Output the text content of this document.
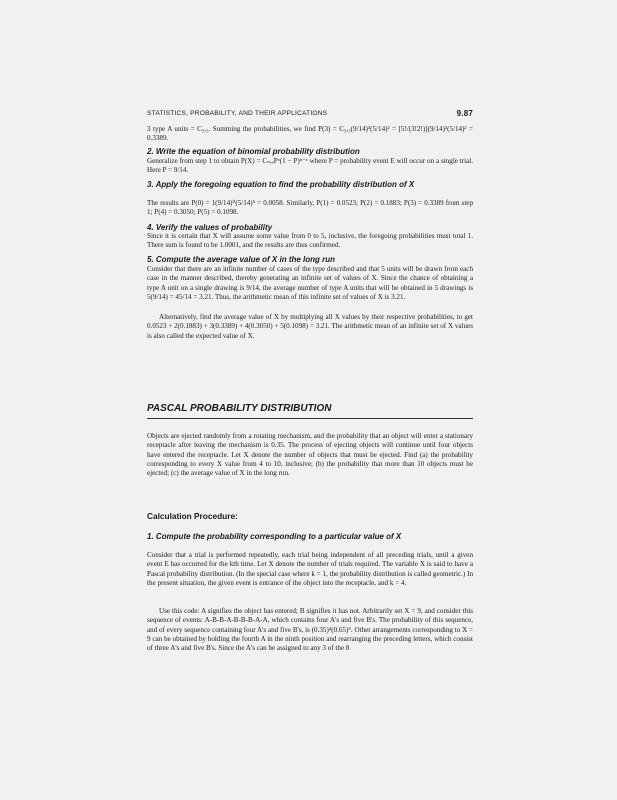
STATISTICS, PROBABILITY, AND THEIR APPLICATIONS	9.87

3 type A units = C₅,₃. Summing the probabilities, we find P(3) = C₅,₃(9/14)³(5/14)² = [5!/(3!2!)](9/14)³(5/14)² = 0.3389.

2. Write the equation of binomial probability distribution

Generalize from step 1 to obtain P(X) = Cₙ,ₓPˣ(1 − P)ⁿ⁻ˣ where P = probability event E will occur on a single trial. Here P = 9/14.

3. Apply the foregoing equation to find the probability distribution of X

The results are P(0) = 1(9/14)⁰(5/14)⁵ = 0.0058. Similarly, P(1) = 0.0523; P(2) = 0.1883; P(3) = 0.3389 from step 1; P(4) = 0.3050; P(5) = 0.1098.

4. Verify the values of probability

Since it is certain that X will assume some value from 0 to 5, inclusive, the foregoing probabilities must total 1. There sum is found to be 1.0001, and the results are thus confirmed.

5. Compute the average value of X in the long run

Consider that there are an infinite number of cases of the type described and that 5 units will be drawn from each case in the manner described, thereby generating an infinite set of values of X. Since the chance of obtaining a type A unit on a single drawing is 9/14, the average number of type A units that will be obtained in 5 drawings is 5(9/14) = 45/14 = 3.21. Thus, the arithmetic mean of this infinite set of values of X is 3.21.

Alternatively, find the average value of X by multiplying all X values by their respective probabilities, to get 0.0523 + 2(0.1883) + 3(0.3389) + 4(0.3050) + 5(0.1098) = 3.21. The arithmetic mean of an infinite set of X values is also called the expected value of X.

PASCAL PROBABILITY DISTRIBUTION

Objects are ejected randomly from a rotating mechanism, and the probability that an object will enter a stationary receptacle after leaving the mechanism is 0.35. The process of ejecting objects will continue until four objects have entered the receptacle. Let X denote the number of objects that must be ejected. Find (a) the probability corresponding to every X value from 4 to 10, inclusive; (b) the probability that more than 10 objects must be ejected; (c) the average value of X in the long run.

Calculation Procedure:
1. Compute the probability corresponding to a particular value of X

Consider that a trial is performed repeatedly, each trial being independent of all preceding trials, until a given event E has occurred for the kth time. Let X denote the number of trials required. The variable X is said to have a Pascal probability distribution. (In the special case where k = 1, the probability distribution is called geometric.) In the present situation, the given event is entrance of the object into the receptacle, and k = 4.

Use this code: A signifies the object has entered; B signifies it has not. Arbitrarily set X = 9, and consider this sequence of events: A-B-B-A-B-B-B-A-A, which contains four A's and five B's. The probability of this sequence, and of every sequence containing four A's and five B's, is (0.35)⁴(0.65)⁵. Other arrangements corresponding to X = 9 can be obtained by holding the fourth A in the ninth position and rearranging the preceding letters, which consist of three A's and five B's. Since the A's can be assigned to any 3 of the 8
